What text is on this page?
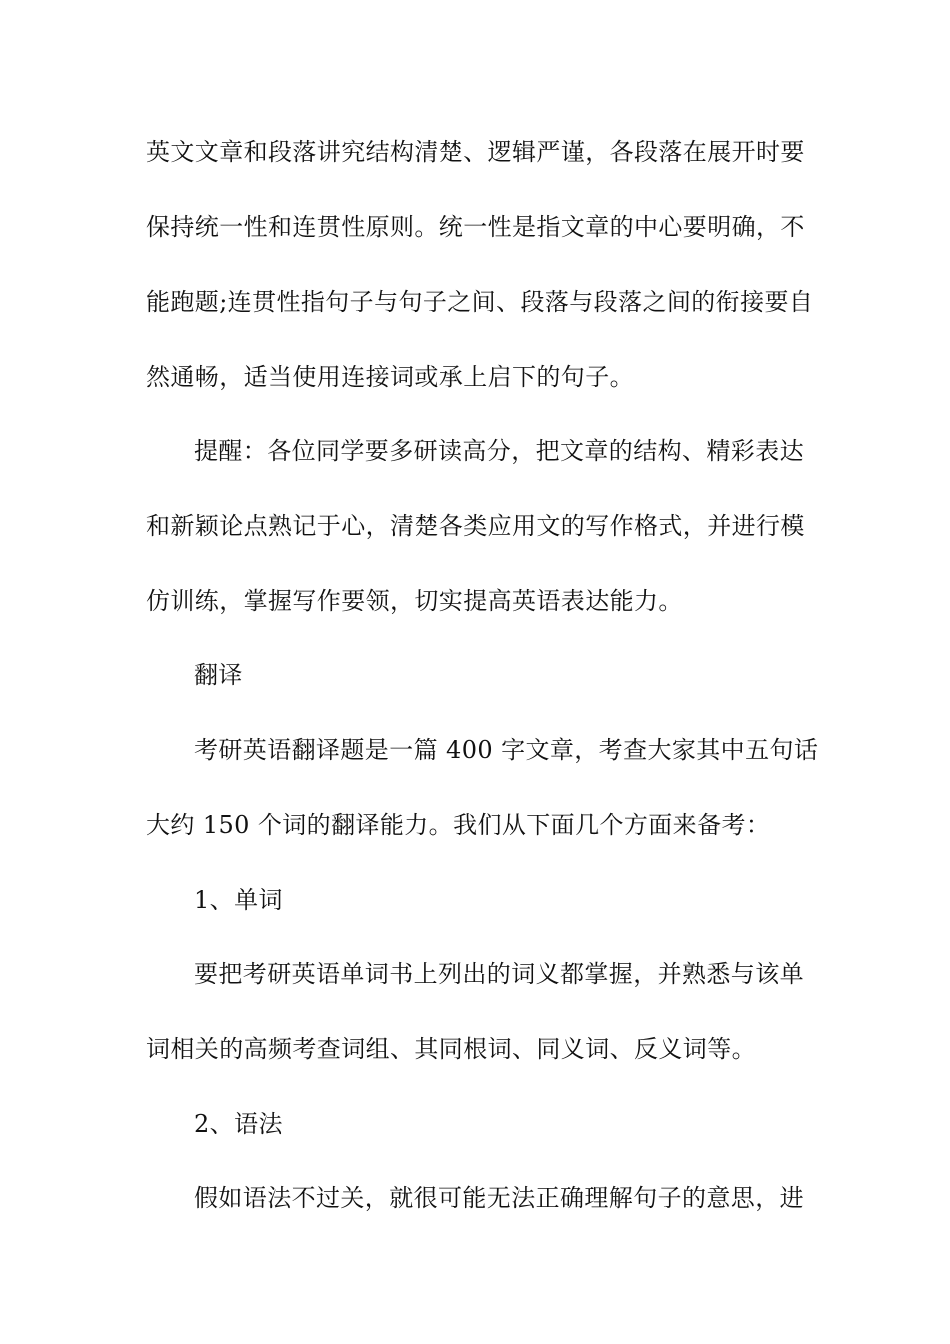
英文文章和段落讲究结构清楚、逻辑严谨，各段落在展开时要
保持统一性和连贯性原则。统一性是指文章的中心要明确，不
能跑题;连贯性指句子与句子之间、段落与段落之间的衔接要自
然通畅，适当使用连接词或承上启下的句子。
提醒：各位同学要多研读高分，把文章的结构、精彩表达
和新颖论点熟记于心，清楚各类应用文的写作格式，并进行模
仿训练，掌握写作要领，切实提高英语表达能力。
翻译
考研英语翻译题是一篇 400 字文章，考查大家其中五句话
大约 150 个词的翻译能力。我们从下面几个方面来备考：
1、单词
要把考研英语单词书上列出的词义都掌握，并熟悉与该单
词相关的高频考查词组、其同根词、同义词、反义词等。
2、语法
假如语法不过关，就很可能无法正确理解句子的意思，进
